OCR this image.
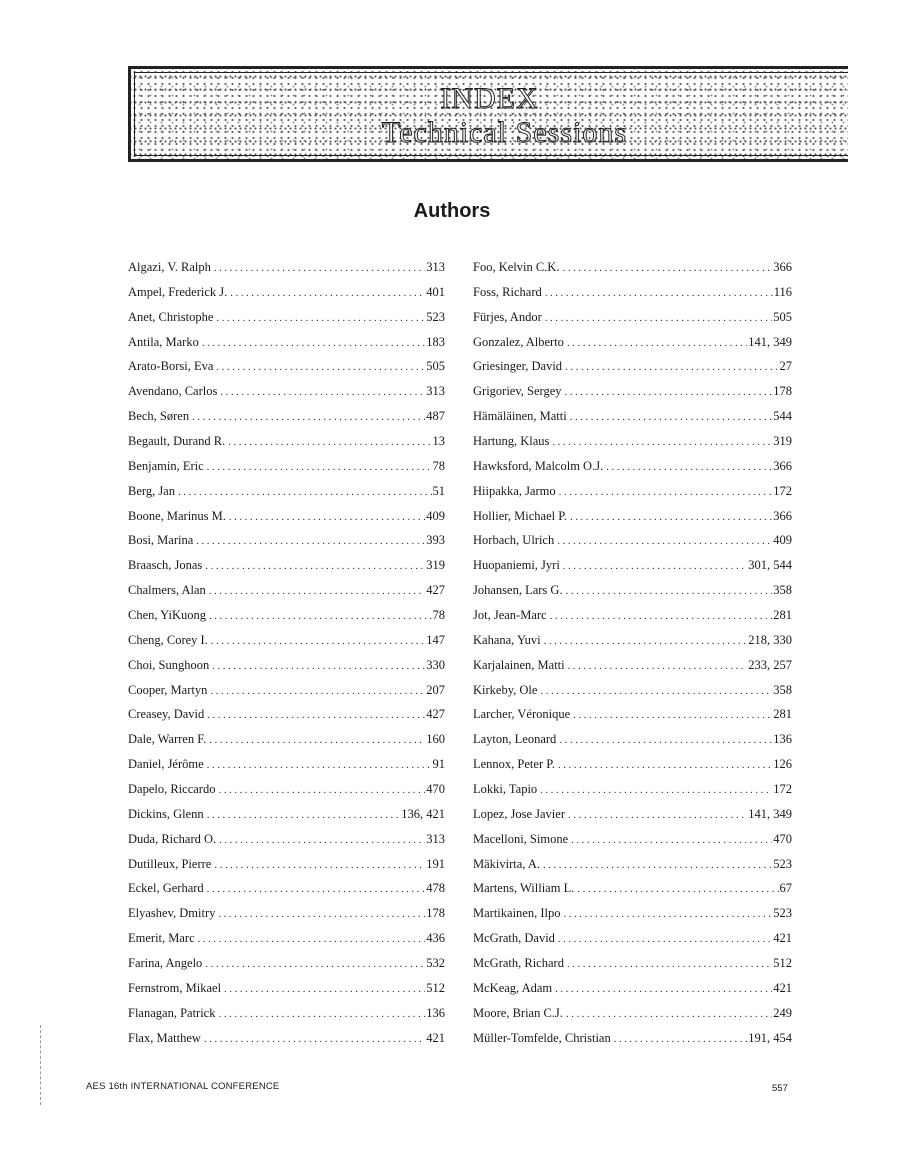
INDEX
Technical Sessions
Authors
Algazi, V. Ralph .....	313
Ampel, Frederick J. .....	401
Anet, Christophe .....	523
Antila, Marko .....	183
Arato-Borsi, Eva .....	505
Avendano, Carlos .....	313
Bech, Søren .....	487
Begault, Durand R. .....	13
Benjamin, Eric .....	78
Berg, Jan .....	51
Boone, Marinus M. .....	409
Bosi, Marina .....	393
Braasch, Jonas .....	319
Chalmers, Alan .....	427
Chen, YiKuong .....	78
Cheng, Corey I. .....	147
Choi, Sunghoon .....	330
Cooper, Martyn .....	207
Creasey, David .....	427
Dale, Warren F. .....	160
Daniel, Jérôme .....	91
Dapelo, Riccardo .....	470
Dickins, Glenn .....	136, 421
Duda, Richard O. .....	313
Dutilleux, Pierre .....	191
Eckel, Gerhard .....	478
Elyashev, Dmitry .....	178
Emerit, Marc .....	436
Farina, Angelo .....	532
Fernstrom, Mikael .....	512
Flanagan, Patrick .....	136
Flax, Matthew .....	421
Foo, Kelvin C.K. .....	366
Foss, Richard .....	116
Fürjes, Andor .....	505
Gonzalez, Alberto .....	141, 349
Griesinger, David .....	27
Grigoriev, Sergey .....	178
Hämäläinen, Matti .....	544
Hartung, Klaus .....	319
Hawksford, Malcolm O.J. .....	366
Hiipakka, Jarmo .....	172
Hollier, Michael P. .....	366
Horbach, Ulrich .....	409
Huopaniemi, Jyri .....	301, 544
Johansen, Lars G. .....	358
Jot, Jean-Marc .....	281
Kahana, Yuvi .....	218, 330
Karjalainen, Matti .....	233, 257
Kirkeby, Ole .....	358
Larcher, Véronique .....	281
Layton, Leonard .....	136
Lennox, Peter P. .....	126
Lokki, Tapio .....	172
Lopez, Jose Javier .....	141, 349
Macelloni, Simone .....	470
Mäkivirta, A. .....	523
Martens, William L. .....	67
Martikainen, Ilpo .....	523
McGrath, David .....	421
McGrath, Richard .....	512
McKeag, Adam .....	421
Moore, Brian C.J. .....	249
Müller-Tomfelde, Christian .....	191, 454
AES 16th INTERNATIONAL CONFERENCE	557
